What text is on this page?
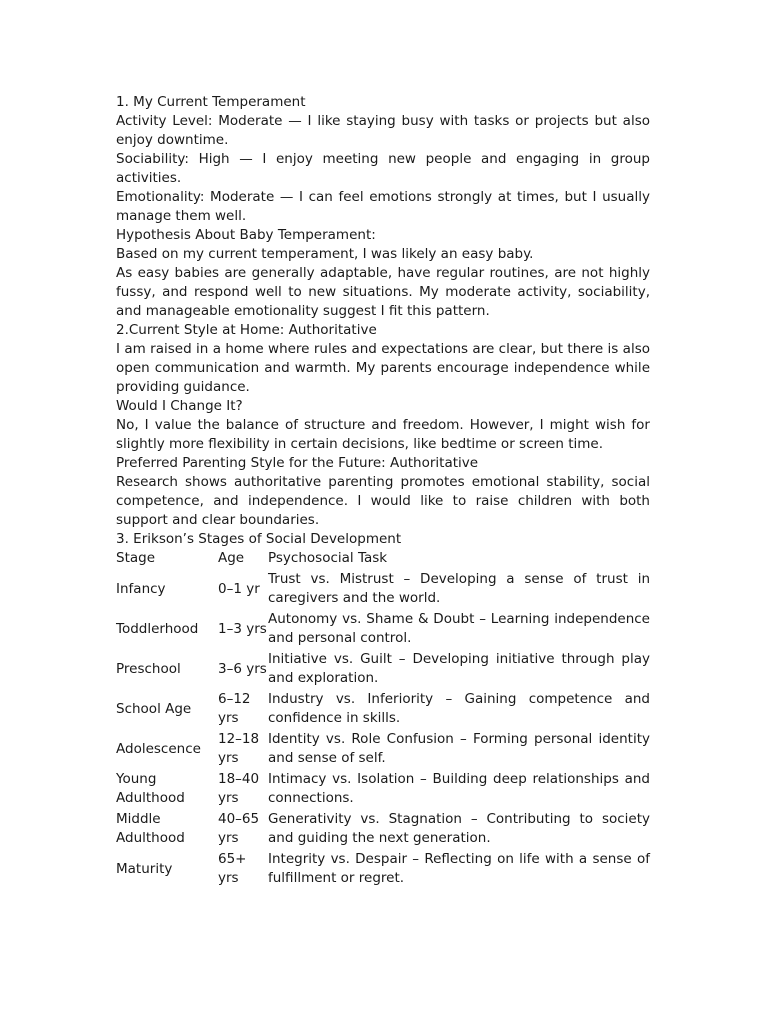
1. My Current Temperament

Activity Level: Moderate — I like staying busy with tasks or projects but also enjoy downtime.

Sociability: High — I enjoy meeting new people and engaging in group activities.

Emotionality: Moderate — I can feel emotions strongly at times, but I usually manage them well.

Hypothesis About Baby Temperament:

Based on my current temperament, I was likely an easy baby.

As easy babies are generally adaptable, have regular routines, are not highly fussy, and respond well to new situations. My moderate activity, sociability, and manageable emotionality suggest I fit this pattern.

2.Current Style at Home: Authoritative

I am raised in a home where rules and expectations are clear, but there is also open communication and warmth. My parents encourage independence while providing guidance.

Would I Change It?

No, I value the balance of structure and freedom. However, I might wish for slightly more flexibility in certain decisions, like bedtime or screen time.

Preferred Parenting Style for the Future: Authoritative

Research shows authoritative parenting promotes emotional stability, social competence, and independence. I would like to raise children with both support and clear boundaries.

3. Erikson’s Stages of Social Development

Stage	Age	Psychosocial Task
Infancy	0–1 yr	Trust vs. Mistrust – Developing a sense of trust in caregivers and the world.
Toddlerhood	1–3 yrs	Autonomy vs. Shame & Doubt – Learning independence and personal control.
Preschool	3–6 yrs	Initiative vs. Guilt – Developing initiative through play and exploration.
School Age	6–12 yrs	Industry vs. Inferiority – Gaining competence and confidence in skills.
Adolescence	12–18 yrs	Identity vs. Role Confusion – Forming personal identity and sense of self.
Young Adulthood	18–40 yrs	Intimacy vs. Isolation – Building deep relationships and connections.
Middle Adulthood	40–65 yrs	Generativity vs. Stagnation – Contributing to society and guiding the next generation.
Maturity	65+ yrs	Integrity vs. Despair – Reflecting on life with a sense of fulfillment or regret.
